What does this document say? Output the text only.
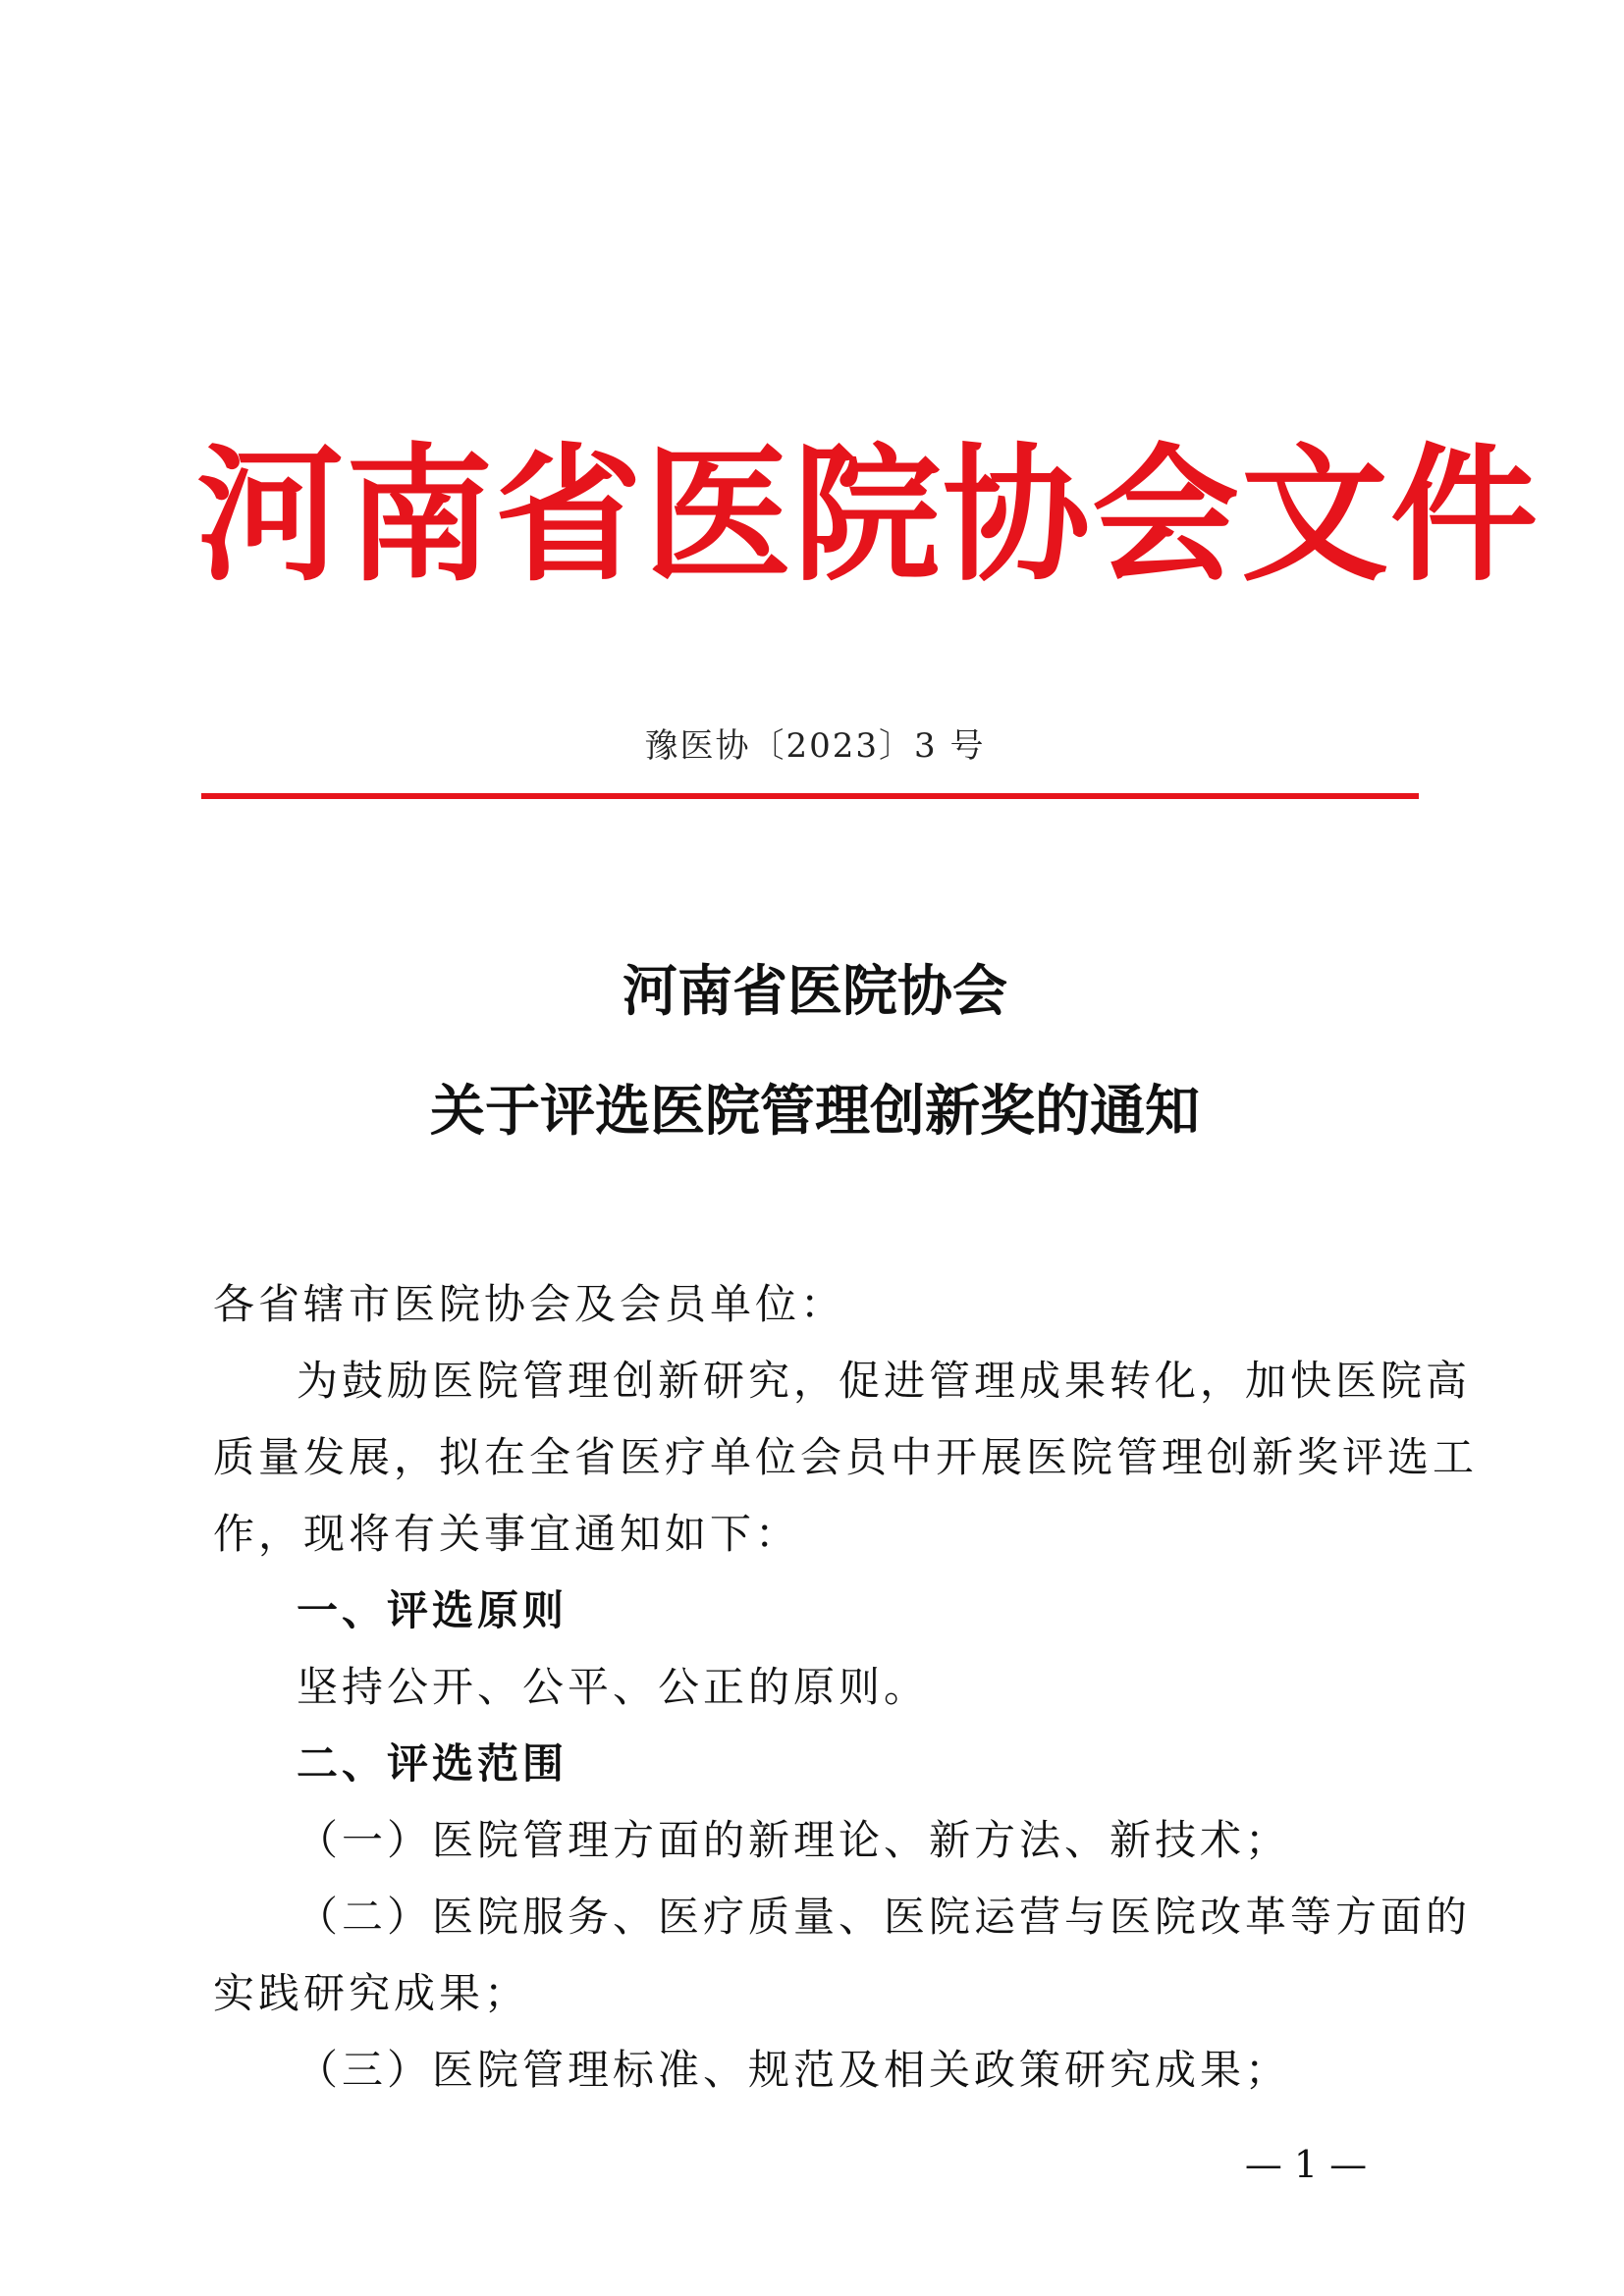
河南省医院协会文件
豫医协〔2023〕3 号
河南省医院协会
关于评选医院管理创新奖的通知
各省辖市医院协会及会员单位：
为鼓励医院管理创新研究，促进管理成果转化，加快医院高
质量发展，拟在全省医疗单位会员中开展医院管理创新奖评选工
作，现将有关事宜通知如下：
一、评选原则
坚持公开、公平、公正的原则。
二、评选范围
（一）医院管理方面的新理论、新方法、新技术；
（二）医院服务、医疗质量、医院运营与医院改革等方面的
实践研究成果；
（三）医院管理标准、规范及相关政策研究成果；
— 1 —
